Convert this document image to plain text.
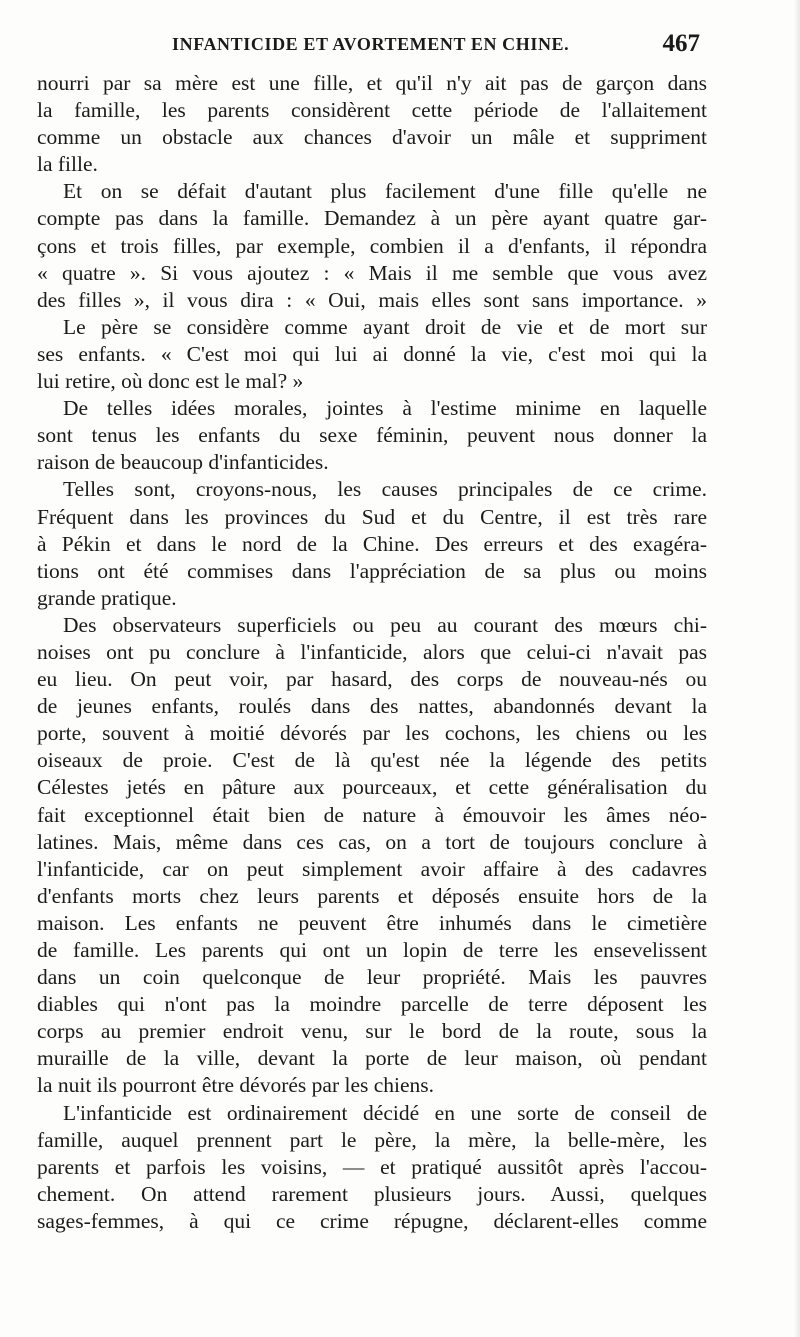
INFANTICIDE ET AVORTEMENT EN CHINE.	467
nourri par sa mère est une fille, et qu'il n'y ait pas de garçon dans
la famille, les parents considèrent cette période de l'allaitement
comme un obstacle aux chances d'avoir un mâle et suppriment
la fille.
Et on se défait d'autant plus facilement d'une fille qu'elle ne
compte pas dans la famille. Demandez à un père ayant quatre gar-
çons et trois filles, par exemple, combien il a d'enfants, il répondra
« quatre ». Si vous ajoutez : « Mais il me semble que vous avez
des filles », il vous dira : « Oui, mais elles sont sans importance. »
Le père se considère comme ayant droit de vie et de mort sur
ses enfants. « C'est moi qui lui ai donné la vie, c'est moi qui la
lui retire, où donc est le mal? »
De telles idées morales, jointes à l'estime minime en laquelle
sont tenus les enfants du sexe féminin, peuvent nous donner la
raison de beaucoup d'infanticides.
Telles sont, croyons-nous, les causes principales de ce crime.
Fréquent dans les provinces du Sud et du Centre, il est très rare
à Pékin et dans le nord de la Chine. Des erreurs et des exagéra-
tions ont été commises dans l'appréciation de sa plus ou moins
grande pratique.
Des observateurs superficiels ou peu au courant des mœurs chi-
noises ont pu conclure à l'infanticide, alors que celui-ci n'avait pas
eu lieu. On peut voir, par hasard, des corps de nouveau-nés ou
de jeunes enfants, roulés dans des nattes, abandonnés devant la
porte, souvent à moitié dévorés par les cochons, les chiens ou les
oiseaux de proie. C'est de là qu'est née la légende des petits
Célestes jetés en pâture aux pourceaux, et cette généralisation du
fait exceptionnel était bien de nature à émouvoir les âmes néo-
latines. Mais, même dans ces cas, on a tort de toujours conclure à
l'infanticide, car on peut simplement avoir affaire à des cadavres
d'enfants morts chez leurs parents et déposés ensuite hors de la
maison. Les enfants ne peuvent être inhumés dans le cimetière
de famille. Les parents qui ont un lopin de terre les ensevelissent
dans un coin quelconque de leur propriété. Mais les pauvres
diables qui n'ont pas la moindre parcelle de terre déposent les
corps au premier endroit venu, sur le bord de la route, sous la
muraille de la ville, devant la porte de leur maison, où pendant
la nuit ils pourront être dévorés par les chiens.
L'infanticide est ordinairement décidé en une sorte de conseil de
famille, auquel prennent part le père, la mère, la belle-mère, les
parents et parfois les voisins, — et pratiqué aussitôt après l'accou-
chement. On attend rarement plusieurs jours. Aussi, quelques
sages-femmes, à qui ce crime répugne, déclarent-elles comme
